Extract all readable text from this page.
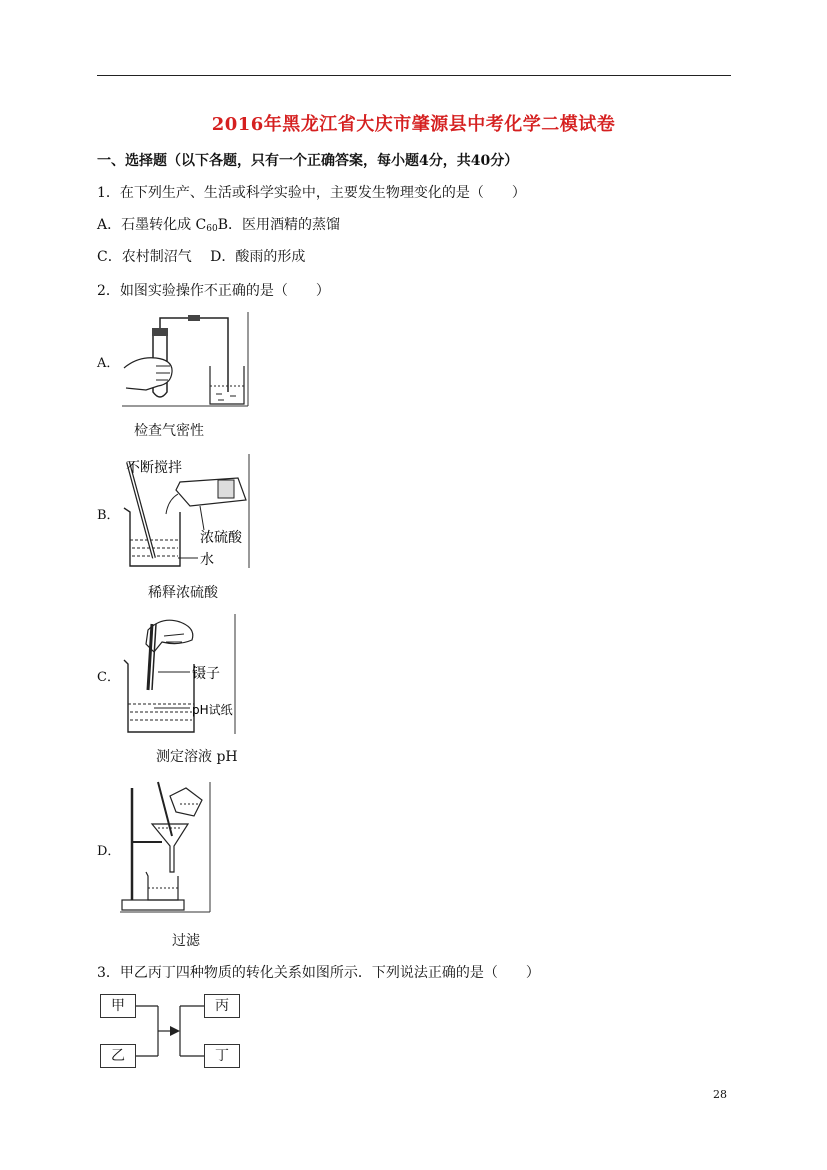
2016年黑龙江省大庆市肇源县中考化学二模试卷
一、选择题（以下各题，只有一个正确答案，每小题4分，共40分）
1．在下列生产、生活或科学实验中，主要发生物理变化的是（　　）
A．石墨转化成 $C_{60}B$．医用酒精的蒸馏
C．农村制沼气　 D．酸雨的形成
2．如图实验操作不正确的是（　　）
A．
检查气密性
B．
不断搅拌
浓硫酸
水
稀释浓硫酸
C．	镊子
pH试纸
测定溶液 pH
D．
过滤
3．甲乙丙丁四种物质的转化关系如图所示．下列说法正确的是（　　）
甲
乙
丙
丁
28
